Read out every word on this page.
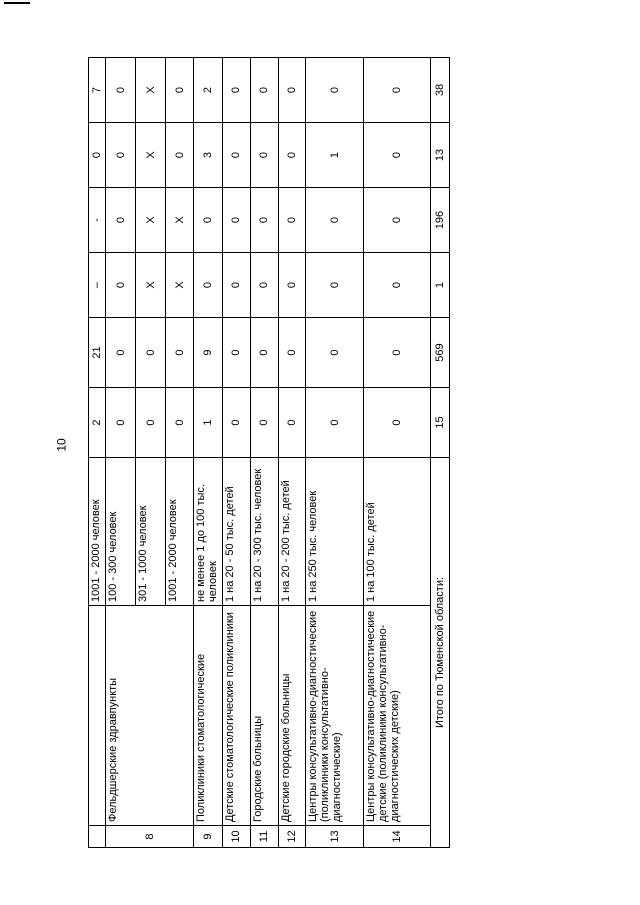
10
		1001 - 2000 человек	2	21	–	-	0	7
8	Фельдшерские здравпункты	100 - 300 человек	0	0	0	0	0	0
		301 - 1000 человек	0	0	X	X	X	X
		1001 - 2000 человек	0	0	X	X	0	0
9	Поликлиники стоматологические	не менее 1 до 100 тыс. человек	1	9	0	0	3	2
10	Детские стоматологические поликлиники	1 на 20 - 50 тыс. детей	0	0	0	0	0	0
11	Городские больницы	1 на 20 - 300 тыс. человек	0	0	0	0	0	0
12	Детские городские больницы	1 на 20 - 200 тыс. детей	0	0	0	0	0	0
13	Центры консультативно-диагностические (поликлиники консультативно-диагностические)	1 на 250 тыс. человек	0	0	0	0	1	0
14	Центры консультативно-диагностические детские (поликлиники консультативно-диагностических детские)	1 на 100 тыс. детей	0	0	0	0	0	0
Итого по Тюменской области:			15	569	1	196	13	38
